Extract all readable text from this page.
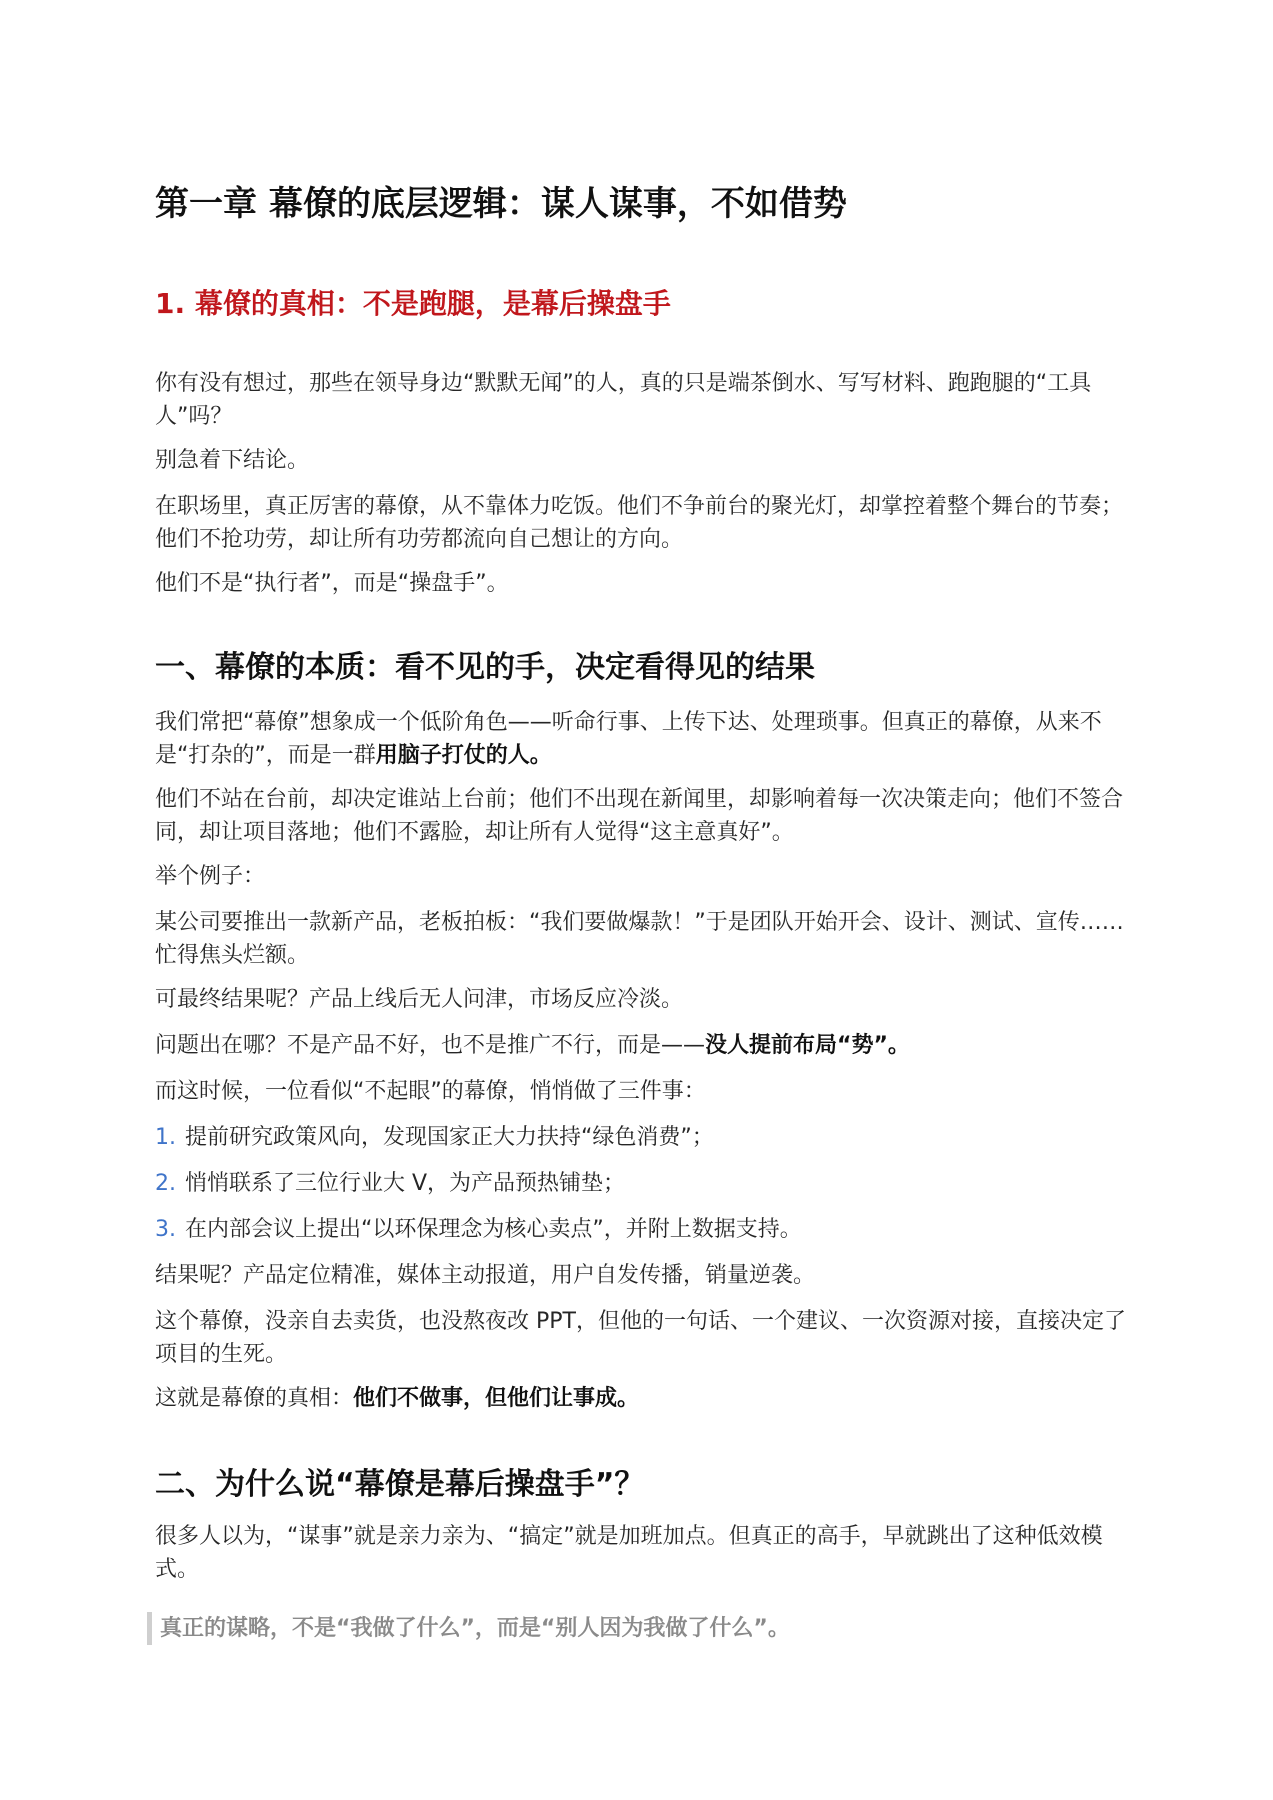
第一章 幕僚的底层逻辑：谋人谋事，不如借势
1. 幕僚的真相：不是跑腿，是幕后操盘手

你有没有想过，那些在领导身边“默默无闻”的人，真的只是端茶倒水、写写材料、跑跑腿的“工具人”吗？

别急着下结论。

在职场里，真正厉害的幕僚，从不靠体力吃饭。他们不争前台的聚光灯，却掌控着整个舞台的节奏；他们不抢功劳，却让所有功劳都流向自己想让的方向。

他们不是“执行者”，而是“操盘手”。

一、幕僚的本质：看不见的手，决定看得见的结果

我们常把“幕僚”想象成一个低阶角色——听命行事、上传下达、处理琐事。但真正的幕僚，从来不是“打杂的”，而是一群用脑子打仗的人。

他们不站在台前，却决定谁站上台前；他们不出现在新闻里，却影响着每一次决策走向；他们不签合同，却让项目落地；他们不露脸，却让所有人觉得“这主意真好”。

举个例子：

某公司要推出一款新产品，老板拍板：“我们要做爆款！”于是团队开始开会、设计、测试、宣传……忙得焦头烂额。

可最终结果呢？产品上线后无人问津，市场反应冷淡。

问题出在哪？不是产品不好，也不是推广不行，而是——没人提前布局“势”。

而这时候，一位看似“不起眼”的幕僚，悄悄做了三件事：

1. 提前研究政策风向，发现国家正大力扶持“绿色消费”；
2. 悄悄联系了三位行业大 V，为产品预热铺垫；
3. 在内部会议上提出“以环保理念为核心卖点”，并附上数据支持。

结果呢？产品定位精准，媒体主动报道，用户自发传播，销量逆袭。

这个幕僚，没亲自去卖货，也没熬夜改 PPT，但他的一句话、一个建议、一次资源对接，直接决定了项目的生死。

这就是幕僚的真相：他们不做事，但他们让事成。

二、为什么说“幕僚是幕后操盘手”？

很多人以为，“谋事”就是亲力亲为、“搞定”就是加班加点。但真正的高手，早就跳出了这种低效模式。

真正的谋略，不是“我做了什么”，而是“别人因为我做了什么”。
